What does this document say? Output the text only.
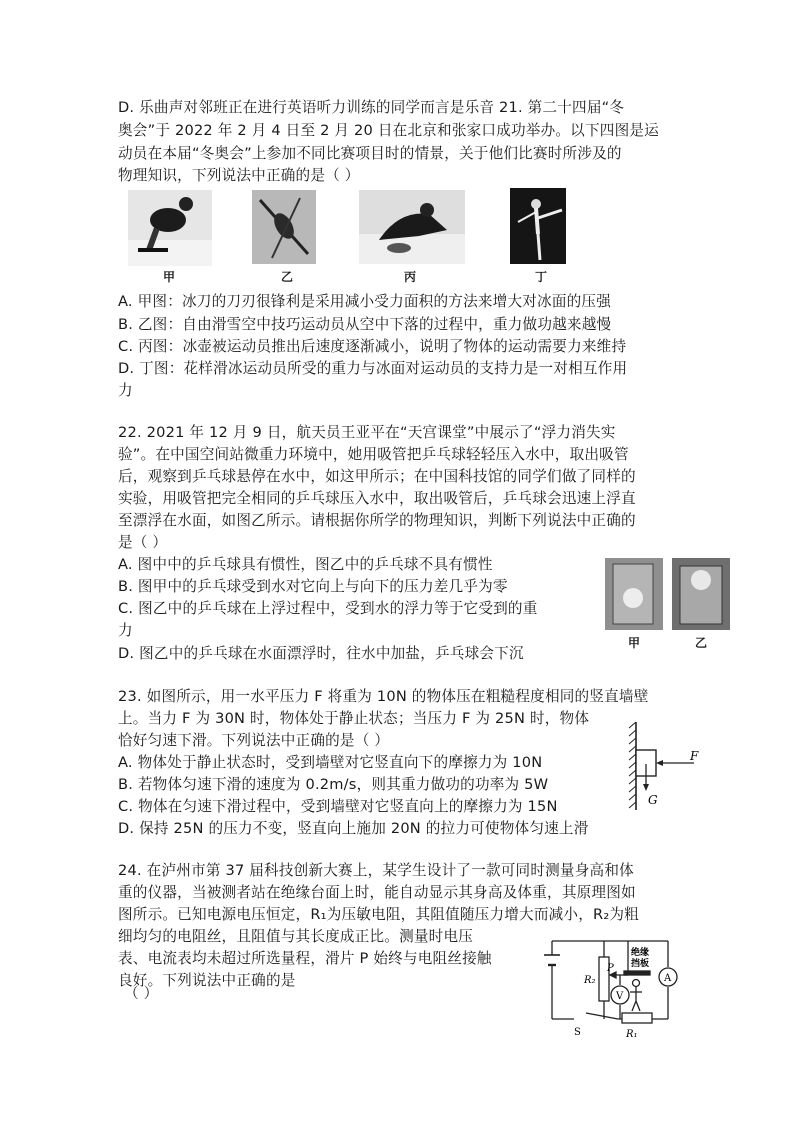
D. 乐曲声对邻班正在进行英语听力训练的同学而言是乐音 21. 第二十四届“冬
奥会”于 2022 年 2 月 4 日至 2 月 20 日在北京和张家口成功举办。以下四图是运
动员在本届“冬奥会”上参加不同比赛项目时的情景，关于他们比赛时所涉及的
物理知识，下列说法中正确的是（ ）
甲	乙	丙	丁
A. 甲图：冰刀的刀刃很锋利是采用减小受力面积的方法来增大对冰面的压强
B. 乙图：自由滑雪空中技巧运动员从空中下落的过程中，重力做功越来越慢
C. 丙图：冰壶被运动员推出后速度逐渐减小，说明了物体的运动需要力来维持
D. 丁图：花样滑冰运动员所受的重力与冰面对运动员的支持力是一对相互作用
力
22. 2021 年 12 月 9 日，航天员王亚平在“天宫课堂”中展示了“浮力消失实
验”。在中国空间站微重力环境中，她用吸管把乒乓球轻轻压入水中，取出吸管
后，观察到乒乓球悬停在水中，如这甲所示；在中国科技馆的同学们做了同样的
实验，用吸管把完全相同的乒乓球压入水中，取出吸管后，乒乓球会迅速上浮直
至漂浮在水面，如图乙所示。请根据你所学的物理知识，判断下列说法中正确的
是（ ）
A. 图中中的乒乓球具有惯性，图乙中的乒乓球不具有惯性
B. 图甲中的乒乓球受到水对它向上与向下的压力差几乎为零
C. 图乙中的乒乓球在上浮过程中，受到水的浮力等于它受到的重
力
D. 图乙中的乒乓球在水面漂浮时，往水中加盐，乒乓球会下沉
甲	乙
23. 如图所示，用一水平压力 F 将重为 10N 的物体压在粗糙程度相同的竖直墙壁
上。当力 F 为 30N 时，物体处于静止状态；当压力 F 为 25N 时，物体
恰好匀速下滑。下列说法中正确的是（ ）
A. 物体处于静止状态时，受到墙壁对它竖直向下的摩擦力为 10N
B. 若物体匀速下滑的速度为 0.2m/s，则其重力做功的功率为 5W
C. 物体在匀速下滑过程中，受到墙壁对它竖直向上的摩擦力为 15N
D. 保持 25N 的压力不变，竖直向上施加 20N 的拉力可使物体匀速上滑
F
G
24. 在泸州市第 37 届科技创新大赛上，某学生设计了一款可同时测量身高和体
重的仪器，当被测者站在绝缘台面上时，能自动显示其身高及体重，其原理图如
图所示。已知电源电压恒定，R₁为压敏电阻，其阻值随压力增大而减小，R₂为粗
细均匀的电阻丝，且阻值与其长度成正比。测量时电压
表、电流表均未超过所选量程，滑片 P 始终与电阻丝接触
良好。下列说法中正确的是
（ ）
绝缘
挡板
A
V
R₂
P
R₁
S
